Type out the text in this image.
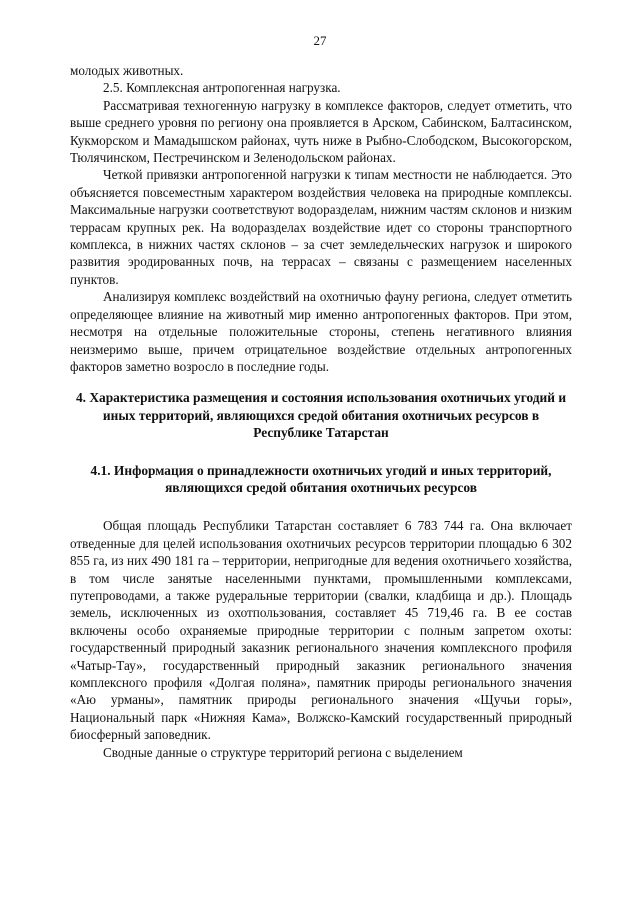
27

молодых животных.

2.5. Комплексная антропогенная нагрузка.

Рассматривая техногенную нагрузку в комплексе факторов, следует отметить, что выше среднего уровня по региону она проявляется в Арском, Сабинском, Балтасинском, Кукморском и Мамадышском районах, чуть ниже в Рыбно-Слободском, Высокогорском, Тюлячинском, Пестречинском и Зеленодольском районах.

Четкой привязки антропогенной нагрузки к типам местности не наблюдается. Это объясняется повсеместным характером воздействия человека на природные комплексы. Максимальные нагрузки соответствуют водоразделам, нижним частям склонов и низким террасам крупных рек. На водоразделах воздействие идет со стороны транспортного комплекса, в нижних частях склонов – за счет земледельческих нагрузок и широкого развития эродированных почв, на террасах – связаны с размещением населенных пунктов.

Анализируя комплекс воздействий на охотничью фауну региона, следует отметить определяющее влияние на животный мир именно антропогенных факторов. При этом, несмотря на отдельные положительные стороны, степень негативного влияния неизмеримо выше, причем отрицательное воздействие отдельных антропогенных факторов заметно возросло в последние годы.

4. Характеристика размещения и состояния использования охотничьих угодий и иных территорий, являющихся средой обитания охотничьих ресурсов в Республике Татарстан
4.1. Информация о принадлежности охотничьих угодий и иных территорий, являющихся средой обитания охотничьих ресурсов

Общая площадь Республики Татарстан составляет 6 783 744 га. Она включает отведенные для целей использования охотничьих ресурсов территории площадью 6 302 855 га, из них 490 181 га – территории, непригодные для ведения охотничьего хозяйства, в том числе занятые населенными пунктами, промышленными комплексами, путепроводами, а также рудеральные территории (свалки, кладбища и др.). Площадь земель, исключенных из охотпользования, составляет 45 719,46 га. В ее состав включены особо охраняемые природные территории с полным запретом охоты: государственный природный заказник регионального значения комплексного профиля «Чатыр-Тау», государственный природный заказник регионального значения комплексного профиля «Долгая поляна», памятник природы регионального значения «Аю урманы», памятник природы регионального значения «Щучьи горы», Национальный парк «Нижняя Кама», Волжско-Камский государственный природный биосферный заповедник.

Сводные данные о структуре территорий региона с выделением
